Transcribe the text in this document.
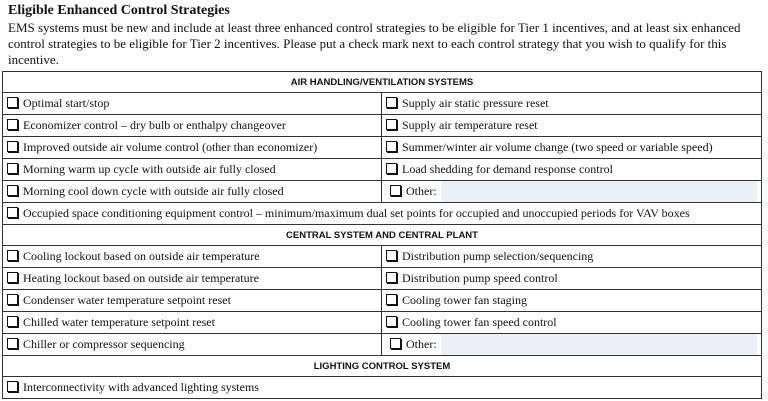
Eligible Enhanced Control Strategies
EMS systems must be new and include at least three enhanced control strategies to be eligible for Tier 1 incentives, and at least six enhanced control strategies to be eligible for Tier 2 incentives. Please put a check mark next to each control strategy that you wish to qualify for this incentive.
AIR HANDLING/VENTILATION SYSTEMS	
Optimal start/stop	Supply air static pressure reset
Economizer control – dry bulb or enthalpy changeover	Supply air temperature reset
Improved outside air volume control (other than economizer)	Summer/winter air volume change (two speed or variable speed)
Morning warm up cycle with outside air fully closed	Load shedding for demand response control
Morning cool down cycle with outside air fully closed	Other:

Occupied space conditioning equipment control – minimum/maximum dual set points for occupied and unoccupied periods for VAV boxes	
CENTRAL SYSTEM AND CENTRAL PLANT	
Cooling lockout based on outside air temperature	Distribution pump selection/sequencing
Heating lockout based on outside air temperature	Distribution pump speed control
Condenser water temperature setpoint reset	Cooling tower fan staging
Chilled water temperature setpoint reset	Cooling tower fan speed control
Chiller or compressor sequencing	Other:

LIGHTING CONTROL SYSTEM	
Interconnectivity with advanced lighting systems	
